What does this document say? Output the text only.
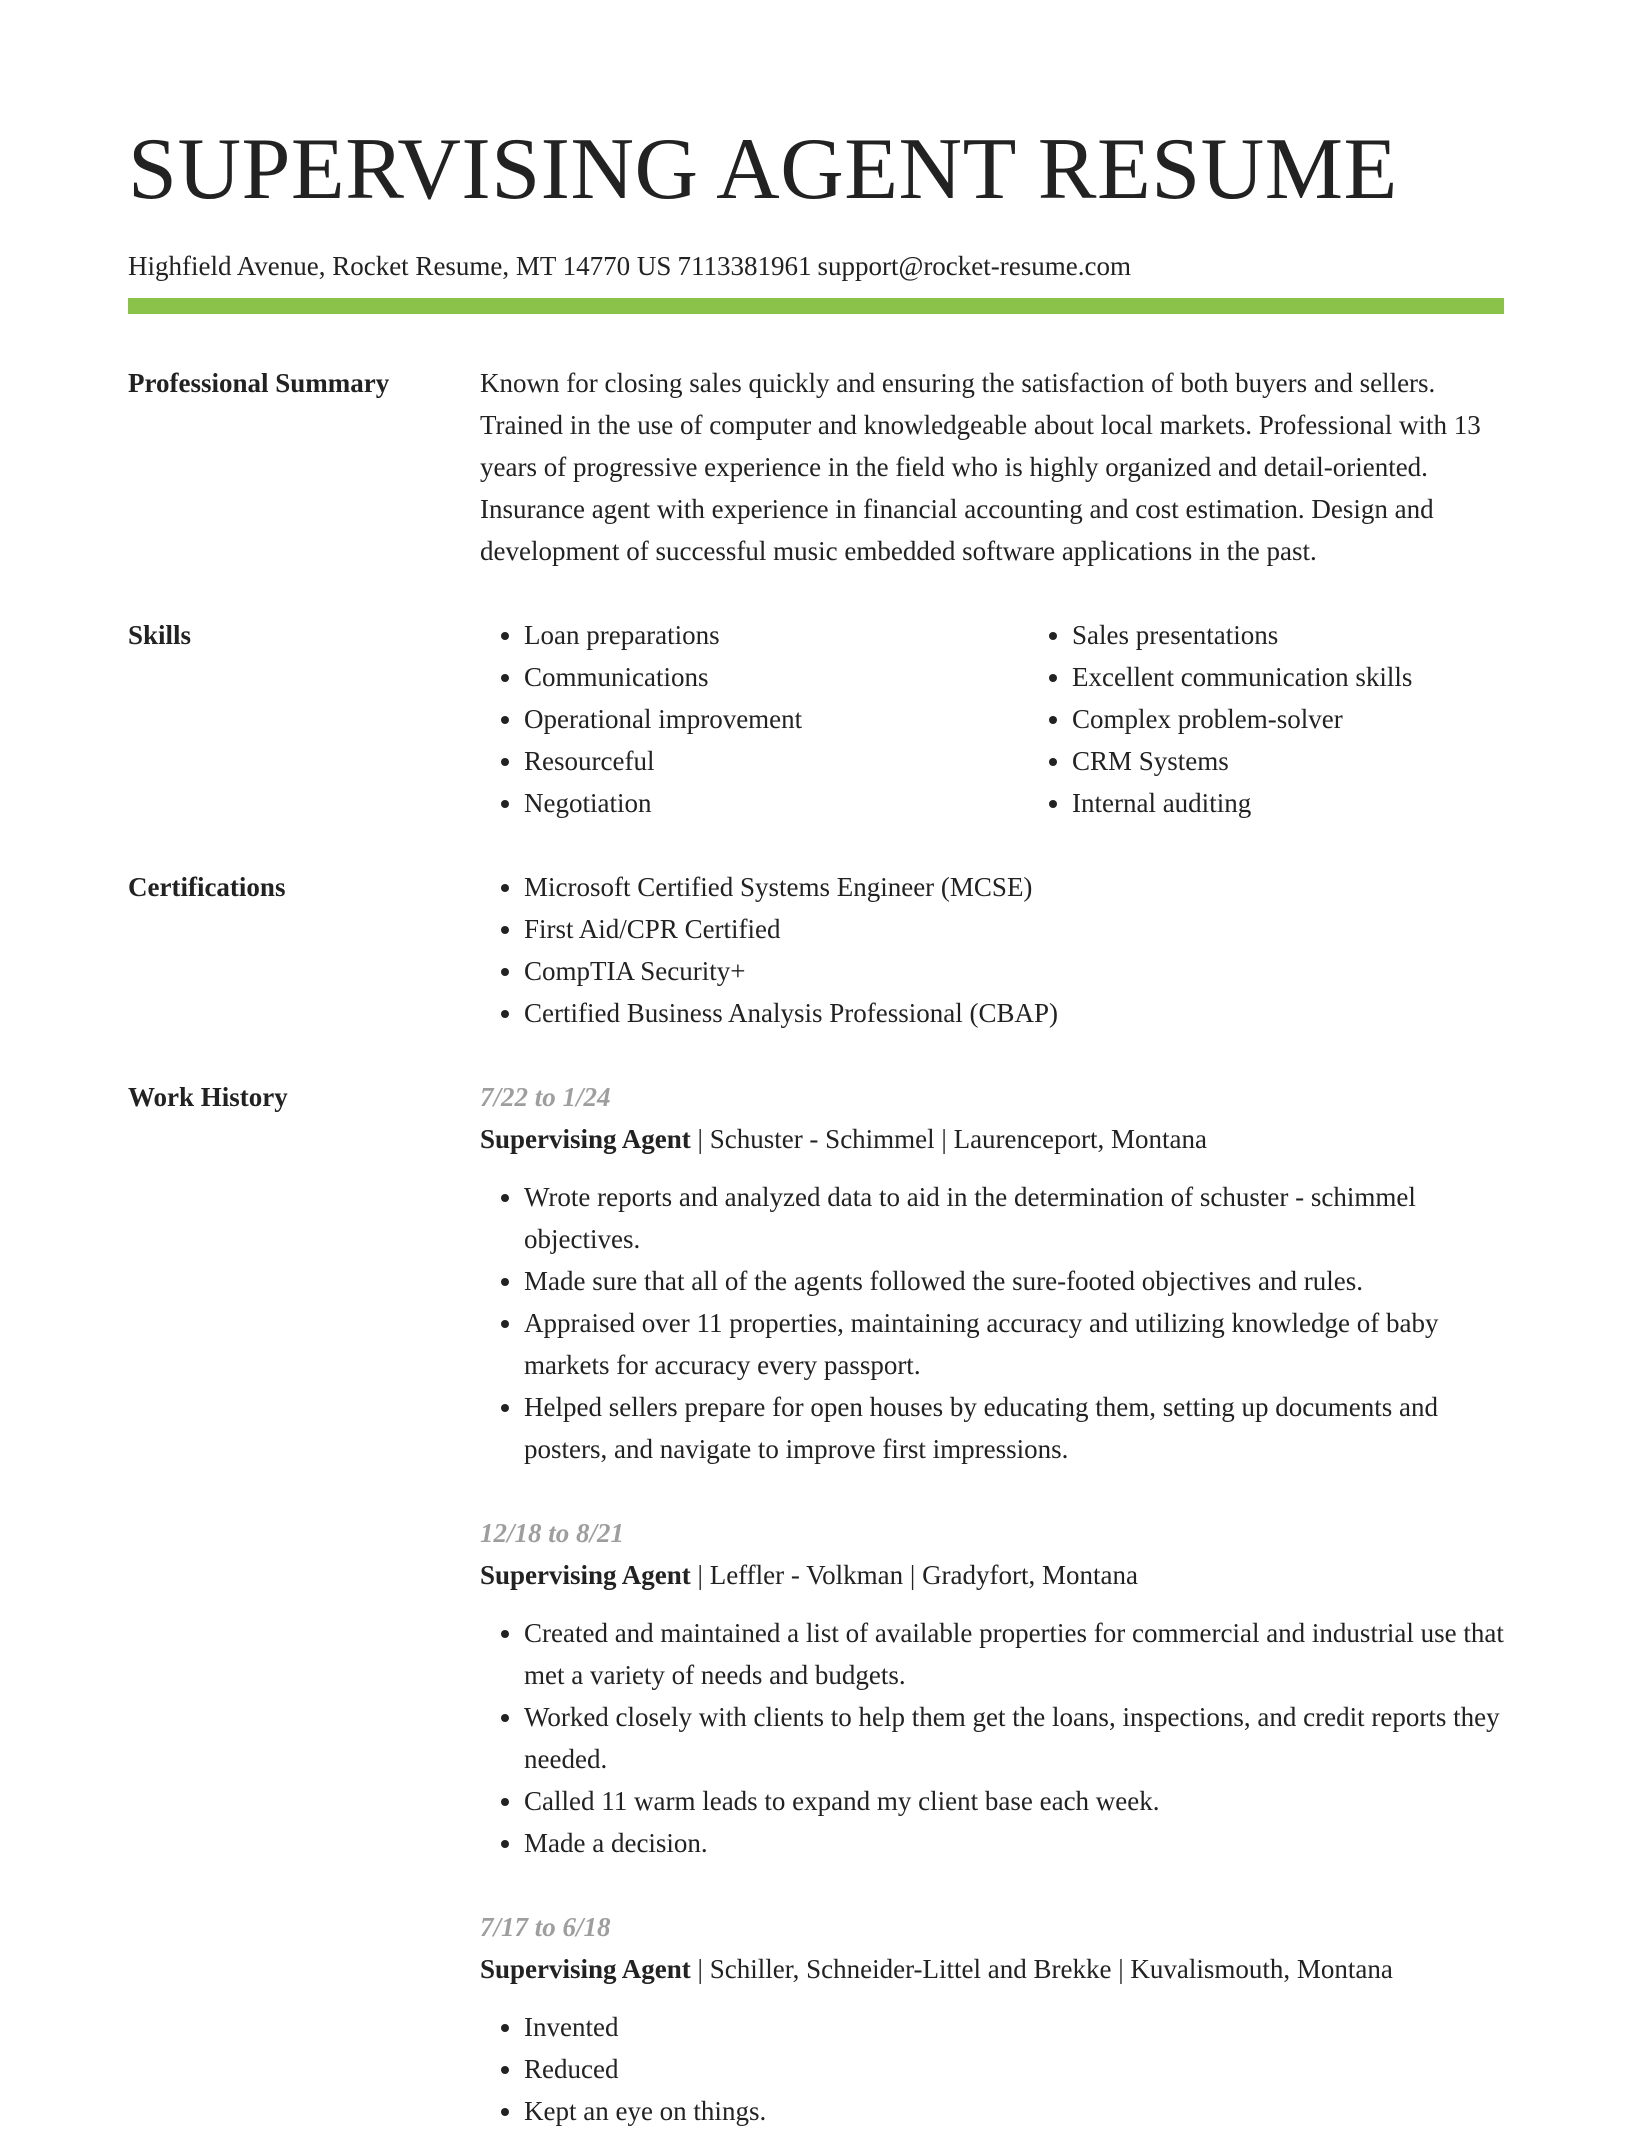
SUPERVISING AGENT RESUME
Highfield Avenue, Rocket Resume, MT 14770 US 7113381961 support@rocket-resume.com
Professional Summary	Known for closing sales quickly and ensuring the satisfaction of both buyers and sellers. Trained in the use of computer and knowledgeable about local markets. Professional with 13 years of progressive experience in the field who is highly organized and detail-oriented. Insurance agent with experience in financial accounting and cost estimation. Design and development of successful music embedded software applications in the past.

Skills	• Loan preparations
• Communications
• Operational improvement
• Resourceful
• Negotiation
• Sales presentations
• Excellent communication skills
• Complex problem-solver
• CRM Systems
• Internal auditing
Certifications	• Microsoft Certified Systems Engineer (MCSE)
• First Aid/CPR Certified
• CompTIA Security+
• Certified Business Analysis Professional (CBAP)
Work History	7/22 to 1/24
Supervising Agent | Schuster - Schimmel | Laurenceport, Montana
• Wrote reports and analyzed data to aid in the determination of schuster - schimmel objectives.
• Made sure that all of the agents followed the sure-footed objectives and rules.
• Appraised over 11 properties, maintaining accuracy and utilizing knowledge of baby markets for accuracy every passport.
• Helped sellers prepare for open houses by educating them, setting up documents and posters, and navigate to improve first impressions.
12/18 to 8/21
Supervising Agent | Leffler - Volkman | Gradyfort, Montana
• Created and maintained a list of available properties for commercial and industrial use that met a variety of needs and budgets.
• Worked closely with clients to help them get the loans, inspections, and credit reports they needed.
• Called 11 warm leads to expand my client base each week.
• Made a decision.
7/17 to 6/18
Supervising Agent | Schiller, Schneider-Littel and Brekke | Kuvalismouth, Montana
• Invented
• Reduced
• Kept an eye on things.
